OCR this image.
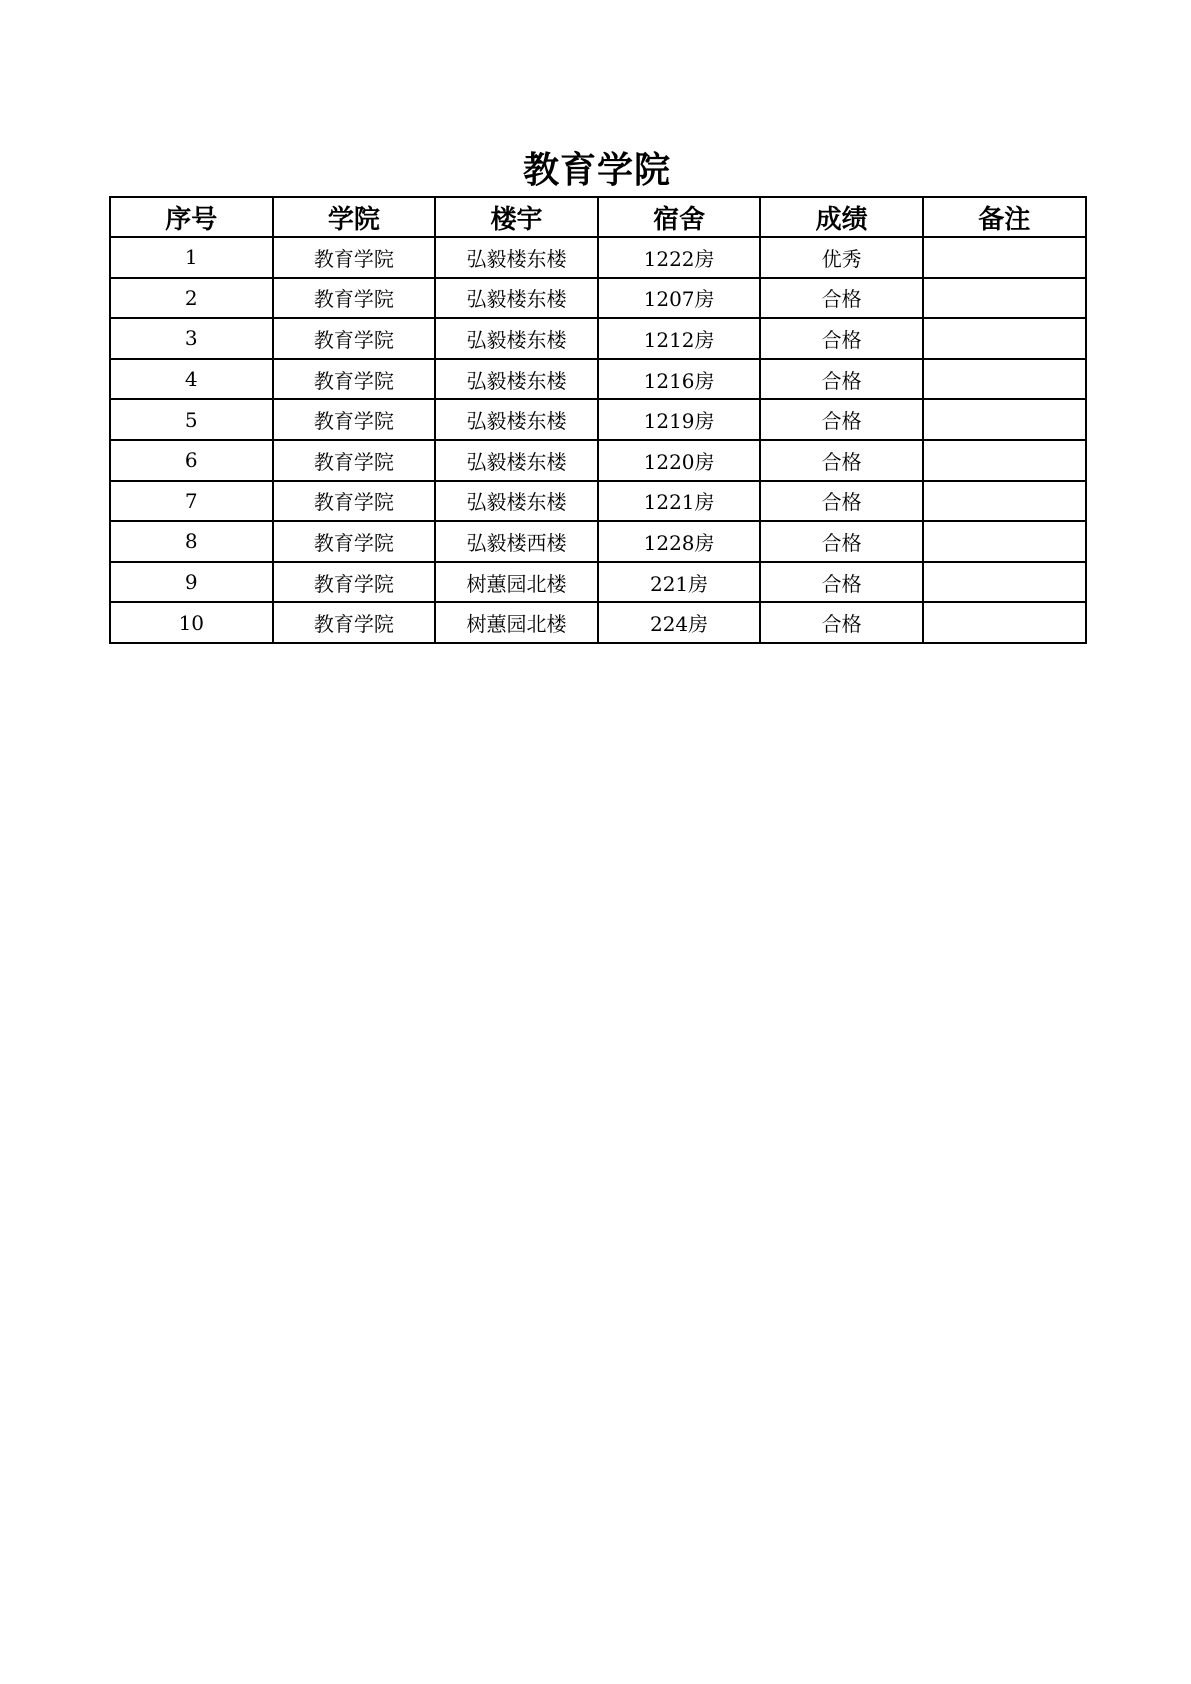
教育学院
序号	学院	楼宇	宿舍	成绩	备注
1	教育学院	弘毅楼东楼	1222房	优秀	
2	教育学院	弘毅楼东楼	1207房	合格	
3	教育学院	弘毅楼东楼	1212房	合格	
4	教育学院	弘毅楼东楼	1216房	合格	
5	教育学院	弘毅楼东楼	1219房	合格	
6	教育学院	弘毅楼东楼	1220房	合格	
7	教育学院	弘毅楼东楼	1221房	合格	
8	教育学院	弘毅楼西楼	1228房	合格	
9	教育学院	树蕙园北楼	221房	合格	
10	教育学院	树蕙园北楼	224房	合格	
